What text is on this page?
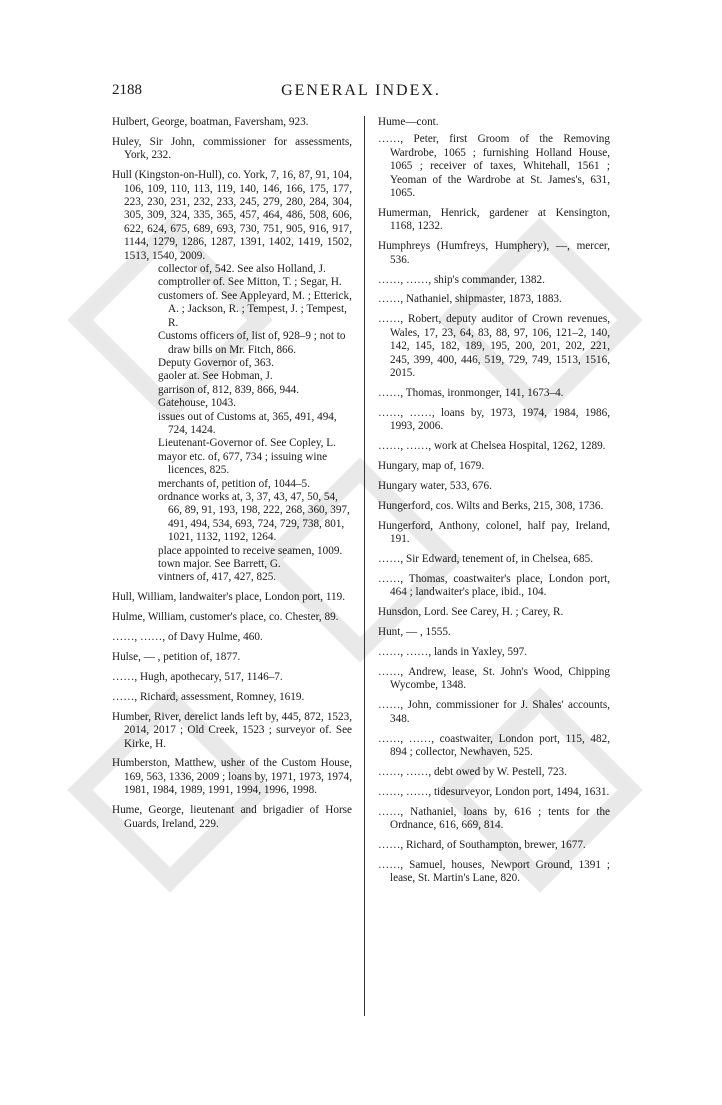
2188	GENERAL INDEX.

Hulbert, George, boatman, Faversham, 923.

Huley, Sir John, commissioner for assessments, York, 232.

Hull (Kingston-on-Hull), co. York, 7, 16, 87, 91, 104, 106, 109, 110, 113, 119, 140, 146, 166, 175, 177, 223, 230, 231, 232, 233, 245, 279, 280, 284, 304, 305, 309, 324, 335, 365, 457, 464, 486, 508, 606, 622, 624, 675, 689, 693, 730, 751, 905, 916, 917, 1144, 1279, 1286, 1287, 1391, 1402, 1419, 1502, 1513, 1540, 2009.

collector of, 542. See also Holland, J.

comptroller of. See Mitton, T. ; Segar, H.

customers of. See Appleyard, M. ; Etterick, A. ; Jackson, R. ; Tempest, J. ; Tempest, R.

Customs officers of, list of, 928–9 ; not to draw bills on Mr. Fitch, 866.

Deputy Governor of, 363.

gaoler at. See Hobman, J.

garrison of, 812, 839, 866, 944.

Gatehouse, 1043.

issues out of Customs at, 365, 491, 494, 724, 1424.

Lieutenant-Governor of. See Copley, L.

mayor etc. of, 677, 734 ; issuing wine licences, 825.

merchants of, petition of, 1044–5.

ordnance works at, 3, 37, 43, 47, 50, 54, 66, 89, 91, 193, 198, 222, 268, 360, 397, 491, 494, 534, 693, 724, 729, 738, 801, 1021, 1132, 1192, 1264.

place appointed to receive seamen, 1009.

town major. See Barrett, G.

vintners of, 417, 427, 825.

Hull, William, landwaiter's place, London port, 119.

Hulme, William, customer's place, co. Chester, 89.

……, ……, of Davy Hulme, 460.

Hulse, — , petition of, 1877.

……, Hugh, apothecary, 517, 1146–7.

……, Richard, assessment, Romney, 1619.

Humber, River, derelict lands left by, 445, 872, 1523, 2014, 2017 ; Old Creek, 1523 ; surveyor of. See Kirke, H.

Humberston, Matthew, usher of the Custom House, 169, 563, 1336, 2009 ; loans by, 1971, 1973, 1974, 1981, 1984, 1989, 1991, 1994, 1996, 1998.

Hume, George, lieutenant and brigadier of Horse Guards, Ireland, 229.

Hume—cont.

……, Peter, first Groom of the Removing Wardrobe, 1065 ; furnishing Holland House, 1065 ; receiver of taxes, Whitehall, 1561 ; Yeoman of the Wardrobe at St. James's, 631, 1065.

Humerman, Henrick, gardener at Kensington, 1168, 1232.

Humphreys (Humfreys, Humphery), —, mercer, 536.

……, ……, ship's commander, 1382.

……, Nathaniel, shipmaster, 1873, 1883.

……, Robert, deputy auditor of Crown revenues, Wales, 17, 23, 64, 83, 88, 97, 106, 121–2, 140, 142, 145, 182, 189, 195, 200, 201, 202, 221, 245, 399, 400, 446, 519, 729, 749, 1513, 1516, 2015.

……, Thomas, ironmonger, 141, 1673–4.

……, ……, loans by, 1973, 1974, 1984, 1986, 1993, 2006.

……, ……, work at Chelsea Hospital, 1262, 1289.

Hungary, map of, 1679.

Hungary water, 533, 676.

Hungerford, cos. Wilts and Berks, 215, 308, 1736.

Hungerford, Anthony, colonel, half pay, Ireland, 191.

……, Sir Edward, tenement of, in Chelsea, 685.

……, Thomas, coastwaiter's place, London port, 464 ; landwaiter's place, ibid., 104.

Hunsdon, Lord. See Carey, H. ; Carey, R.

Hunt, — , 1555.

……, ……, lands in Yaxley, 597.

……, Andrew, lease, St. John's Wood, Chipping Wycombe, 1348.

……, John, commissioner for J. Shales' accounts, 348.

……, ……, coastwaiter, London port, 115, 482, 894 ; collector, Newhaven, 525.

……, ……, debt owed by W. Pestell, 723.

……, ……, tidesurveyor, London port, 1494, 1631.

……, Nathaniel, loans by, 616 ; tents for the Ordnance, 616, 669, 814.

……, Richard, of Southampton, brewer, 1677.

……, Samuel, houses, Newport Ground, 1391 ; lease, St. Martin's Lane, 820.
